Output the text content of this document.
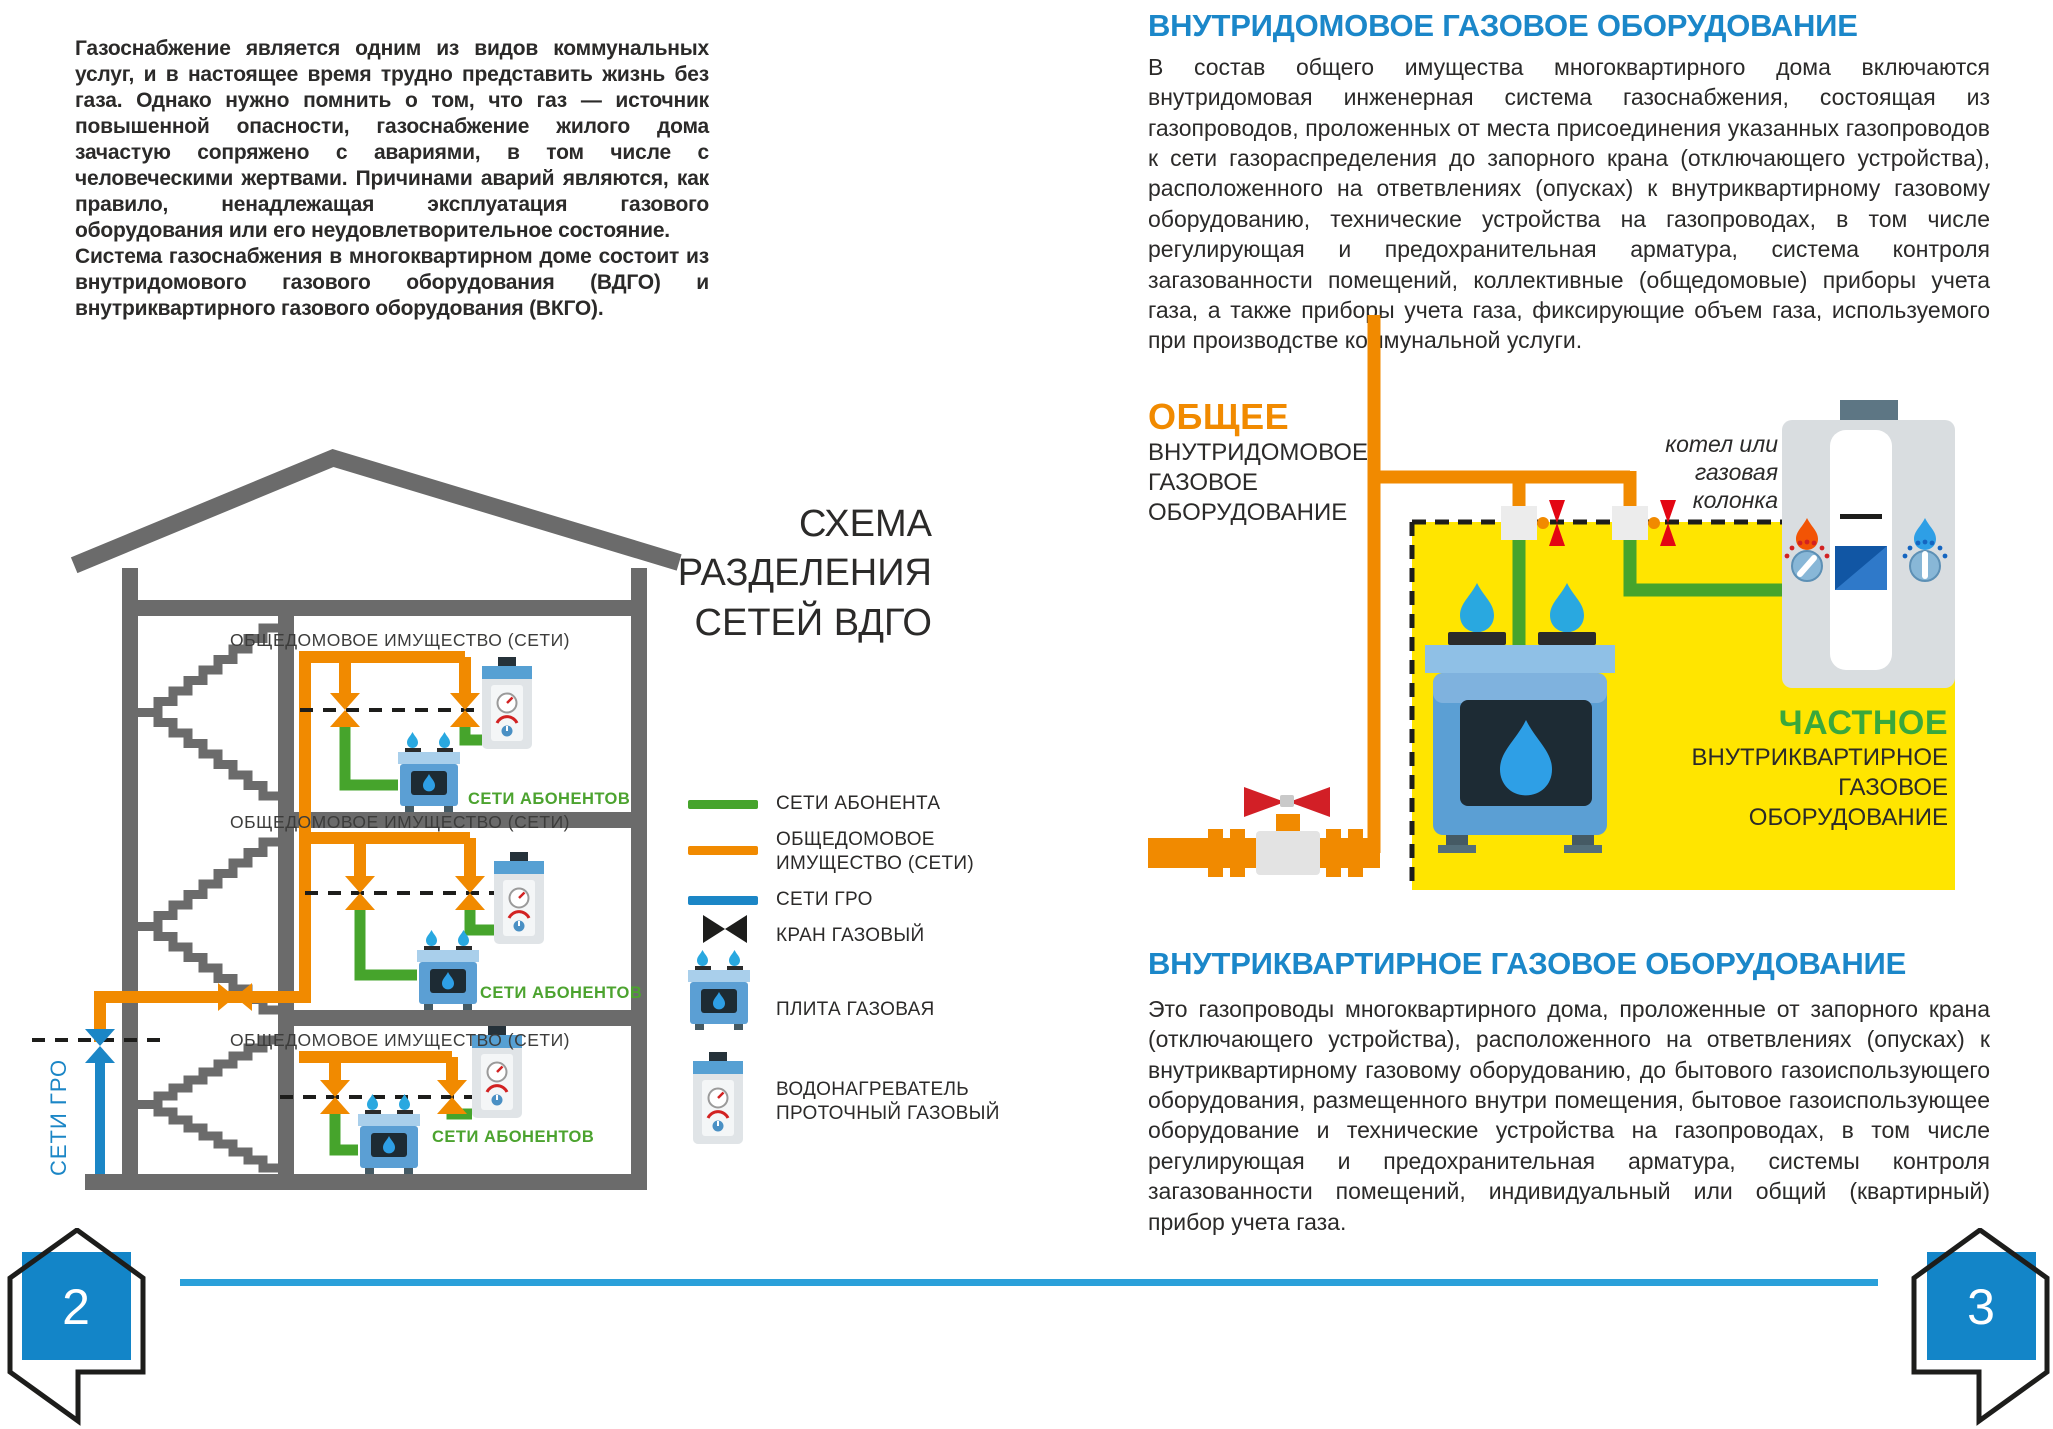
Газоснабжение является одним из видов коммунальных услуг, и в настоящее время трудно представить жизнь без газа. Однако нужно помнить о том, что газ — источник повышенной опасности, газоснабжение жилого дома зачастую сопряжено с авариями, в том числе с человеческими жертвами. Причинами аварий являются, как правило, ненадлежащая эксплуатация газового оборудования или его неудовлетворительное состояние.

Система газоснабжения в многоквартирном доме состоит из внутридомового газового оборудования (ВДГО) и внутриквартирного газового оборудования (ВКГО).

СХЕМА
РАЗДЕЛЕНИЯ
СЕТЕЙ ВДГО
ОБЩЕДОМОВОЕ ИМУЩЕСТВО (СЕТИ)
ОБЩЕДОМОВОЕ ИМУЩЕСТВО (СЕТИ)
ОБЩЕДОМОВОЕ ИМУЩЕСТВО (СЕТИ)
СЕТИ АБОНЕНТОВ
СЕТИ АБОНЕНТОВ
СЕТИ АБОНЕНТОВ
СЕТИ ГРО
СЕТИ АБОНЕНТА
ОБЩЕДОМОВОЕ ИМУЩЕСТВО (СЕТИ)
СЕТИ ГРО
КРАН ГАЗОВЫЙ
ПЛИТА ГАЗОВАЯ
ВОДОНАГРЕВАТЕЛЬ ПРОТОЧНЫЙ ГАЗОВЫЙ
ВНУТРИДОМОВОЕ ГАЗОВОЕ ОБОРУДОВАНИЕ
В состав общего имущества многоквартирного дома включаются внутридомовая инженерная система газоснабжения, состоящая из газопроводов, проложенных от места присоединения указанных газопроводов к сети газораспределения до запорного крана (отключающего устройства), расположенного на ответвлениях (опусках) к внутриквартирному газовому оборудованию, технические устройства на газопроводах, в том числе регулирующая и предохранительная арматура, система контроля загазованности помещений, коллективные (общедомовые) приборы учета газа, а также приборы учета газа, фиксирующие объем газа, используемого при производстве коммунальной услуги.
ОБЩЕЕ
ВНУТРИДОМОВОЕ
ГАЗОВОЕ
ОБОРУДОВАНИЕ
котел или
газовая
колонка
ЧАСТНОЕ
ВНУТРИКВАРТИРНОЕ
ГАЗОВОЕ
ОБОРУДОВАНИЕ
ВНУТРИКВАРТИРНОЕ ГАЗОВОЕ ОБОРУДОВАНИЕ
Это газопроводы многоквартирного дома, проложенные от запорного крана (отключающего устройства), расположенного на ответвлениях (опусках) к внутриквартирному газовому оборудованию, до бытового газоиспользующего оборудования, размещенного внутри помещения, бытовое газоиспользующее оборудование и технические устройства на газопроводах, в том числе регулирующая и предохранительная арматура, системы контроля загазованности помещений, индивидуальный или общий (квартирный) прибор учета газа.
2	3
